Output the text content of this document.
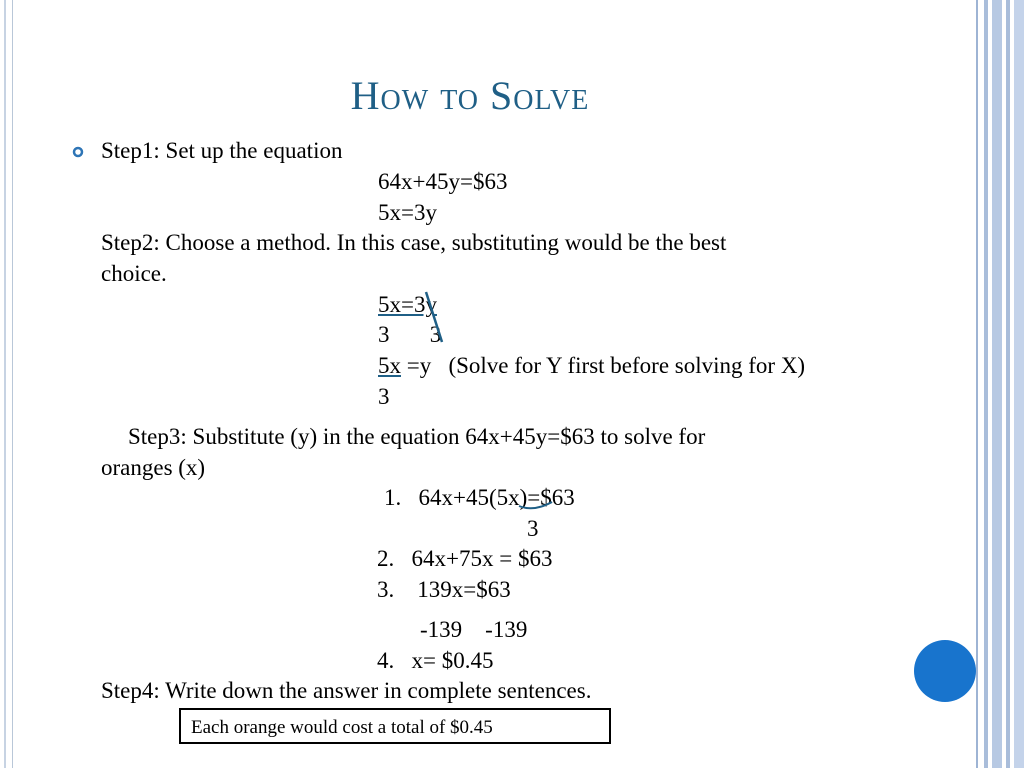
How to Solve
Step1: Set up the equation
64x+45y=$63
5x=3y
Step2: Choose a method. In this case, substituting would be the best
choice.
5x=3y
3       3
5x =y   (Solve for Y first before solving for X)
3
Step3: Substitute (y) in the equation 64x+45y=$63 to solve for
oranges (x)
1.   64x+45(5x)=$63
3
2.   64x+75x = $63
3.    139x=$63
-139    -139
4.   x= $0.45
Step4: Write down the answer in complete sentences.
Each orange would cost a total of $0.45
